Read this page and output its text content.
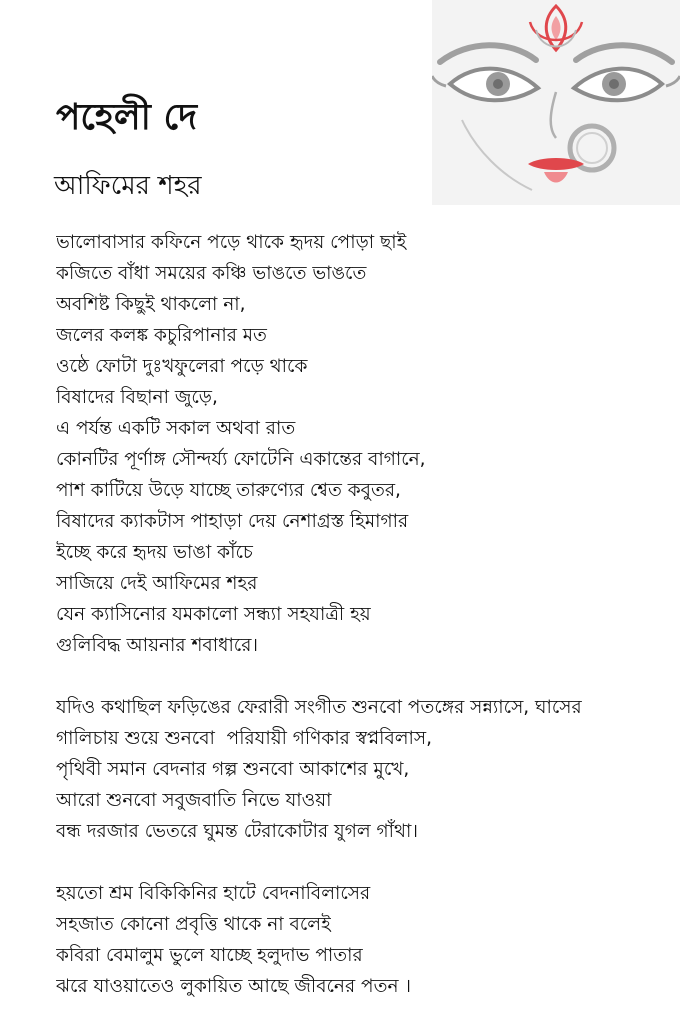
পহেলী দে
আফিমের শহর

ভালোবাসার কফিনে পড়ে থাকে হৃদয় পোড়া ছাই
কজিতে বাঁধা সময়ের কঞ্চি ভাঙতে ভাঙতে
অবশিষ্ট কিছুই থাকলো না,
জলের কলঙ্ক কচুরিপানার মত
ওষ্ঠে ফোটা দুঃখফুলেরা পড়ে থাকে
বিষাদের বিছানা জুড়ে,
এ পর্যন্ত একটি সকাল অথবা রাত
কোনটির পূর্ণাঙ্গ সৌন্দর্য্য ফোটেনি একান্তের বাগানে,
পাশ কাটিয়ে উড়ে যাচ্ছে তারুণ্যের শ্বেত কবুতর,
বিষাদের ক্যাকটাস পাহাড়া দেয় নেশাগ্রস্ত হিমাগার
ইচ্ছে করে হৃদয় ভাঙা কাঁচে
সাজিয়ে দেই আফিমের শহর
যেন ক্যাসিনোর যমকালো সন্ধ্যা সহযাত্রী হয়
গুলিবিদ্ধ আয়নার শবাধারে।

যদিও কথাছিল ফড়িঙের ফেরারী সংগীত শুনবো পতঙ্গের সন্ন্যাসে, ঘাসের
গালিচায় শুয়ে শুনবো  পরিযায়ী গণিকার স্বপ্নবিলাস,
পৃথিবী সমান বেদনার গল্প শুনবো আকাশের মুখে,
আরো শুনবো সবুজবাতি নিভে যাওয়া
বন্ধ দরজার ভেতরে ঘুমন্ত টেরাকোটার যুগল গাঁথা।

হয়তো শ্রম বিকিকিনির হাটে বেদনাবিলাসের
সহজাত কোনো প্রবৃত্তি থাকে না বলেই
কবিরা বেমালুম ভুলে যাচ্ছে হলুদাভ পাতার
ঝরে যাওয়াতেও লুকায়িত আছে জীবনের পতন ।
